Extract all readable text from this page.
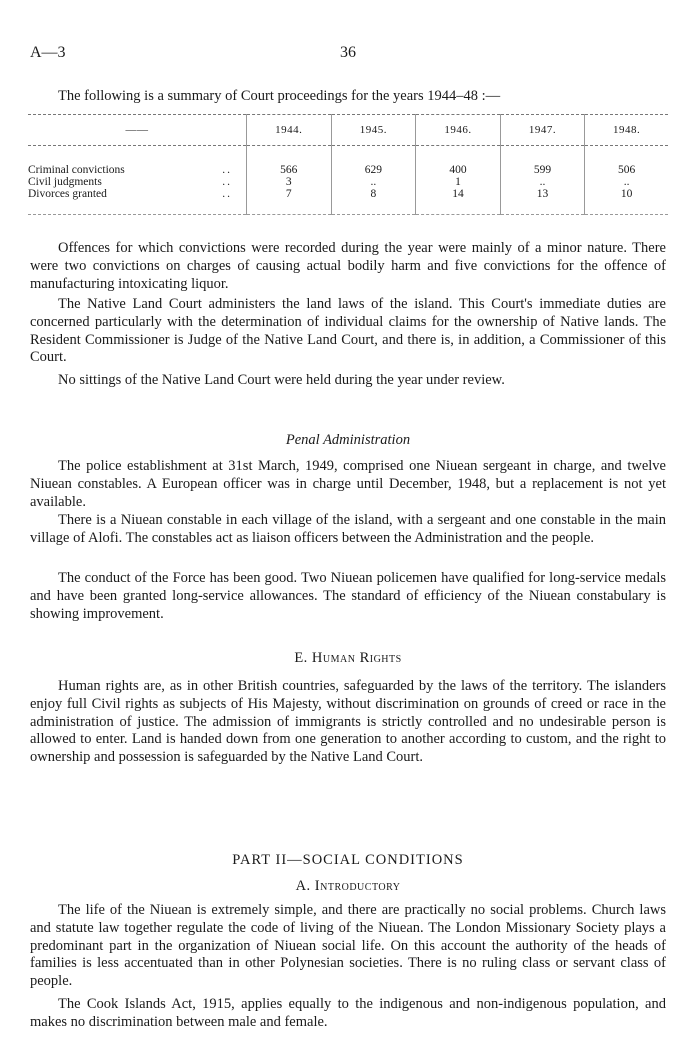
A—3	36
The following is a summary of Court proceedings for the years 1944–48 :—
——	1944.	1945.	1946.	1947.	1948.
Criminal convictions ..	566	629	400	599	506
Civil judgments ..	3	..	1	..	..
Divorces granted ..	7	8	14	13	10

Offences for which convictions were recorded during the year were mainly of a minor nature. There were two convictions on charges of causing actual bodily harm and five convictions for the offence of manufacturing intoxicating liquor.

The Native Land Court administers the land laws of the island. This Court's immediate duties are concerned particularly with the determination of individual claims for the ownership of Native lands. The Resident Commissioner is Judge of the Native Land Court, and there is, in addition, a Commissioner of this Court.

No sittings of the Native Land Court were held during the year under review.

Penal Administration

The police establishment at 31st March, 1949, comprised one Niuean sergeant in charge, and twelve Niuean constables. A European officer was in charge until December, 1948, but a replacement is not yet available.

There is a Niuean constable in each village of the island, with a sergeant and one constable in the main village of Alofi. The constables act as liaison officers between the Administration and the people.

The conduct of the Force has been good. Two Niuean policemen have qualified for long-service medals and have been granted long-service allowances. The standard of efficiency of the Niuean constabulary is showing improvement.

E. Human Rights

Human rights are, as in other British countries, safeguarded by the laws of the territory. The islanders enjoy full Civil rights as subjects of His Majesty, without discrimination on grounds of creed or race in the administration of justice. The admission of immigrants is strictly controlled and no undesirable person is allowed to enter. Land is handed down from one generation to another according to custom, and the right to ownership and possession is safeguarded by the Native Land Court.

PART II—SOCIAL CONDITIONS
A. Introductory

The life of the Niuean is extremely simple, and there are practically no social problems. Church laws and statute law together regulate the code of living of the Niuean. The London Missionary Society plays a predominant part in the organization of Niuean social life. On this account the authority of the heads of families is less accentuated than in other Polynesian societies. There is no ruling class or servant class of people.

The Cook Islands Act, 1915, applies equally to the indigenous and non-indigenous population, and makes no discrimination between male and female.
